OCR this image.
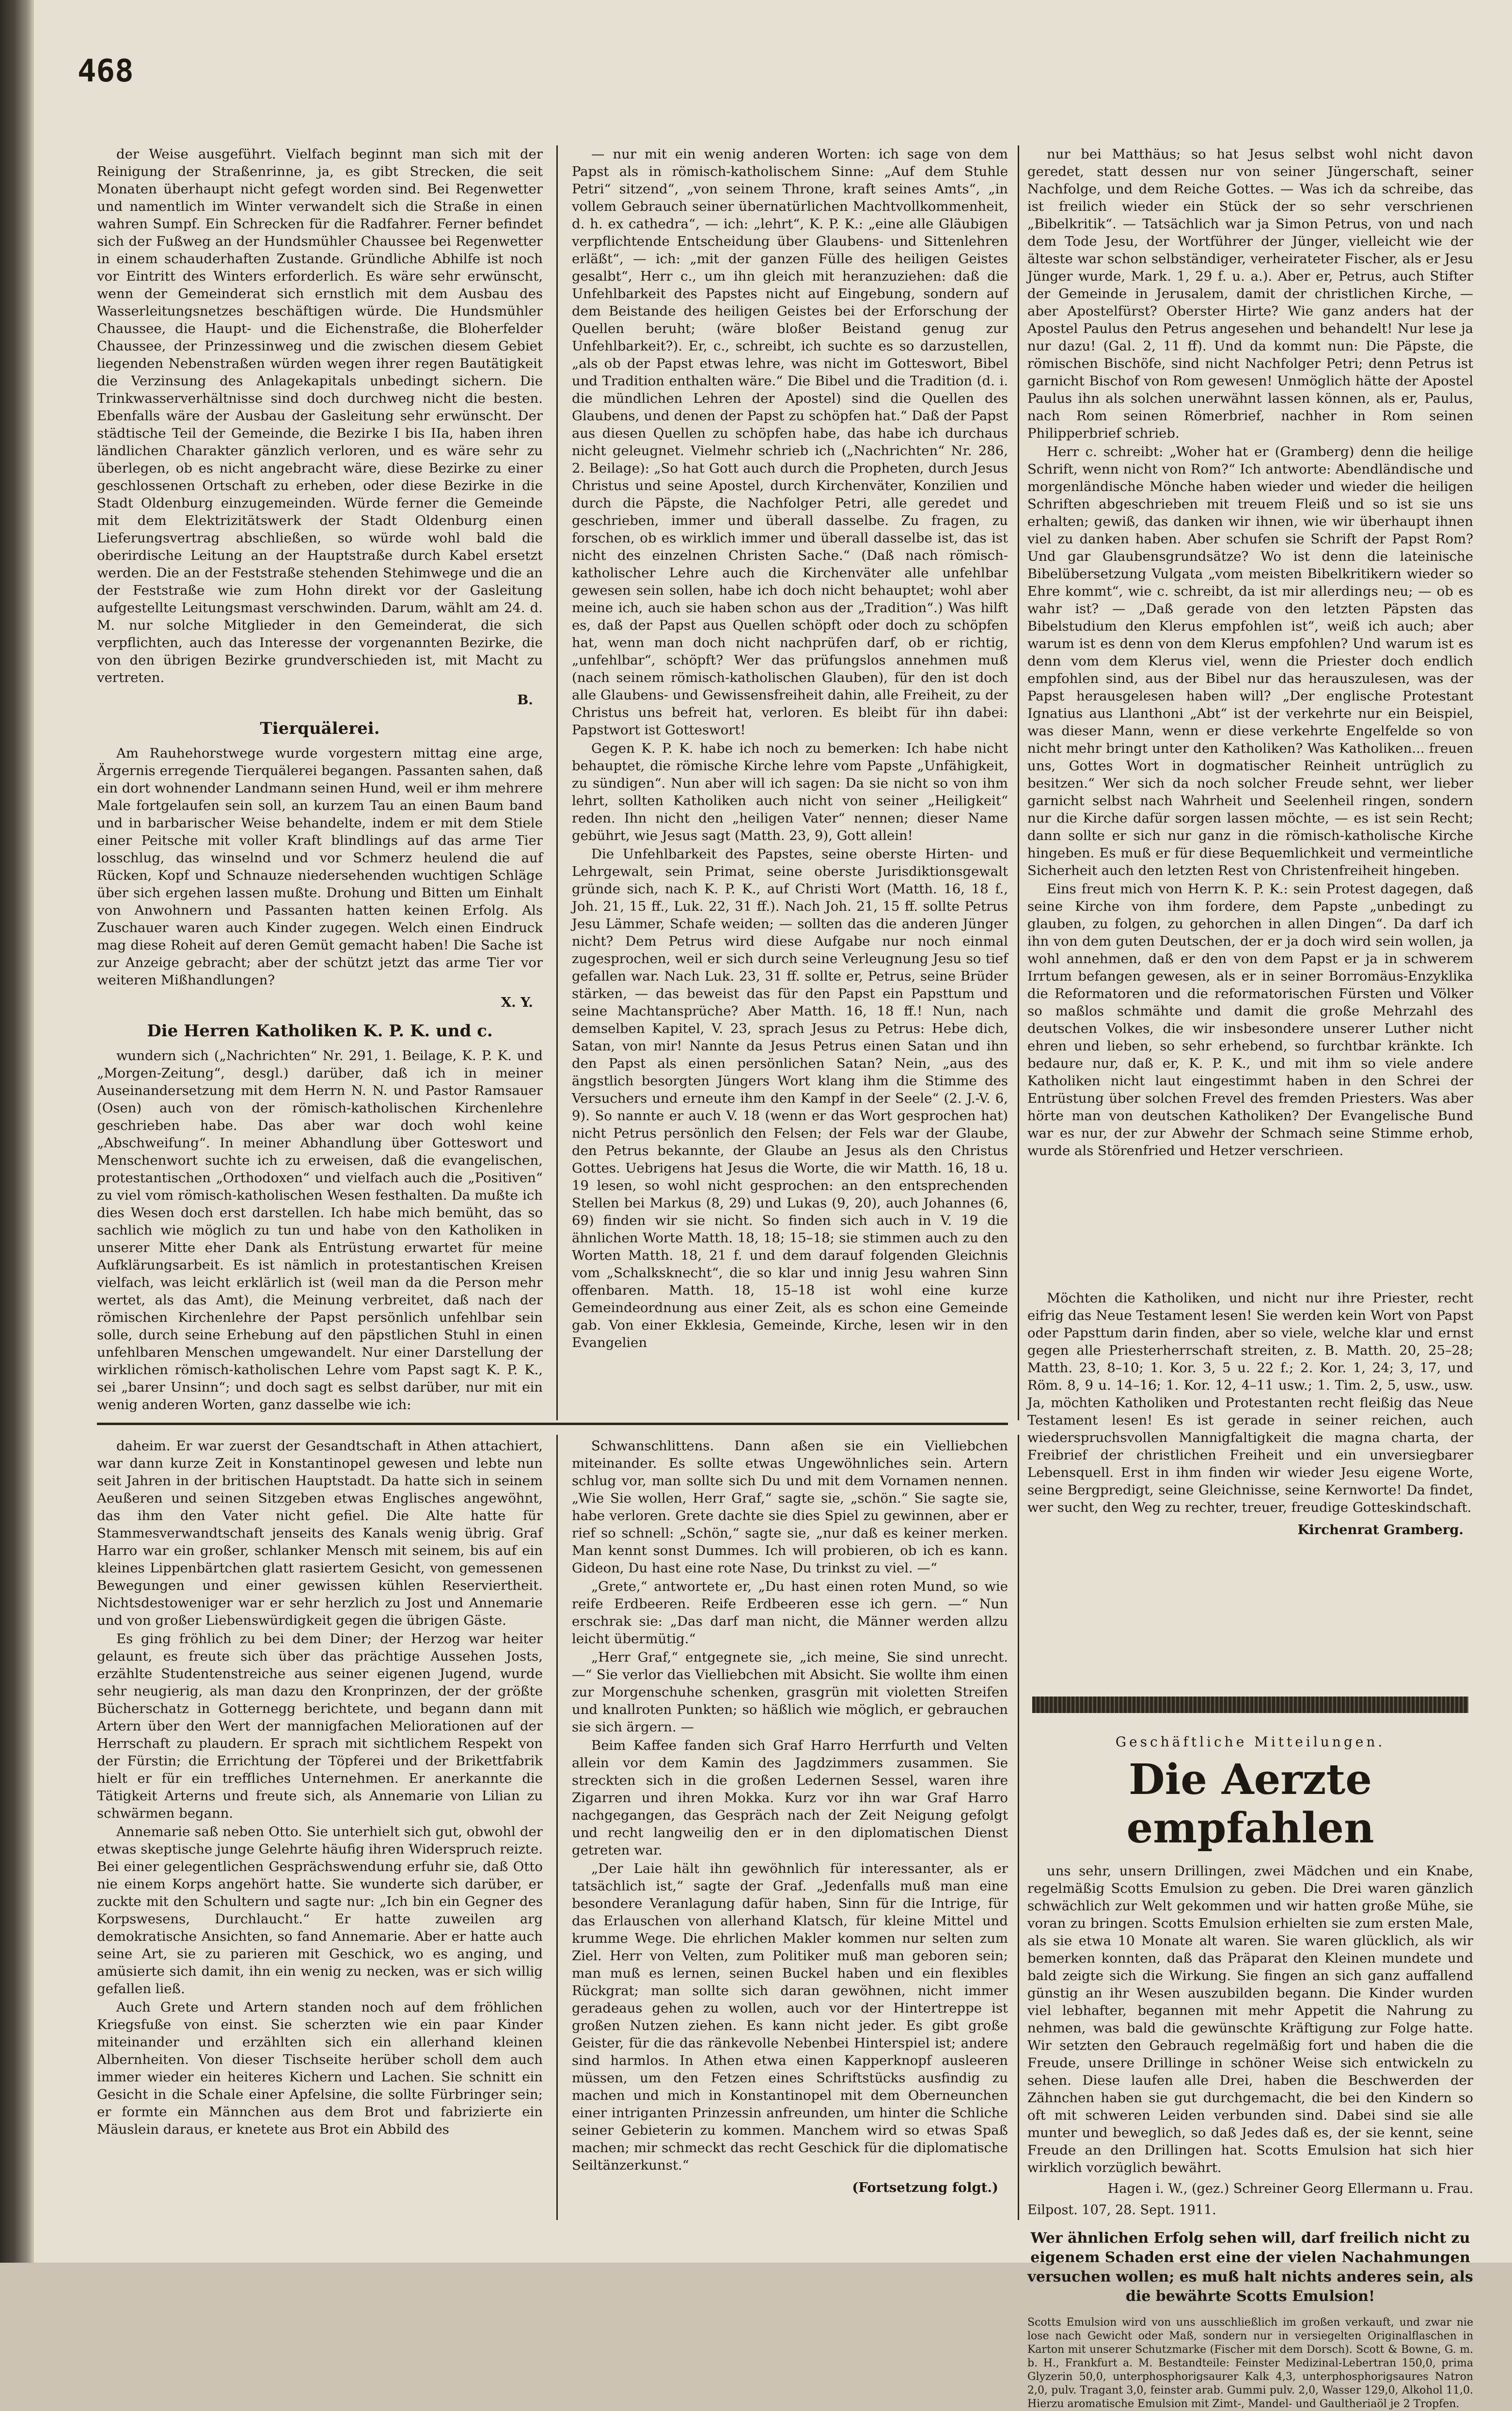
468

der Weise ausgeführt. Vielfach beginnt man sich mit der Reinigung der Straßenrinne, ja, es gibt Strecken, die seit Monaten überhaupt nicht gefegt worden sind. Bei Regenwetter und namentlich im Winter verwandelt sich die Straße in einen wahren Sumpf. Ein Schrecken für die Radfahrer. Ferner befindet sich der Fußweg an der Hundsmühler Chaussee bei Regenwetter in einem schauderhaften Zustande. Gründliche Abhilfe ist noch vor Eintritt des Winters erforderlich. Es wäre sehr erwünscht, wenn der Gemeinderat sich ernstlich mit dem Ausbau des Wasserleitungsnetzes beschäftigen würde. Die Hundsmühler Chaussee, die Haupt- und die Eichenstraße, die Bloherfelder Chaussee, der Prinzessinweg und die zwischen diesem Gebiet liegenden Nebenstraßen würden wegen ihrer regen Bautätigkeit die Verzinsung des Anlagekapitals unbedingt sichern. Die Trinkwasserverhältnisse sind doch durchweg nicht die besten. Ebenfalls wäre der Ausbau der Gasleitung sehr erwünscht. Der städtische Teil der Gemeinde, die Bezirke I bis IIa, haben ihren ländlichen Charakter gänzlich verloren, und es wäre sehr zu überlegen, ob es nicht angebracht wäre, diese Bezirke zu einer geschlossenen Ortschaft zu erheben, oder diese Bezirke in die Stadt Oldenburg einzugemeinden. Würde ferner die Gemeinde mit dem Elektrizitätswerk der Stadt Oldenburg einen Lieferungsvertrag abschließen, so würde wohl bald die oberirdische Leitung an der Hauptstraße durch Kabel ersetzt werden. Die an der Feststraße stehenden Stehimwege und die an der Feststraße wie zum Hohn direkt vor der Gasleitung aufgestellte Leitungsmast verschwinden. Darum, wählt am 24. d. M. nur solche Mitglieder in den Gemeinderat, die sich verpflichten, auch das Interesse der vorgenannten Bezirke, die von den übrigen Bezirke grundverschieden ist, mit Macht zu vertreten.

B.
Tierquälerei.

Am Rauhehorstwege wurde vorgestern mittag eine arge, Ärgernis erregende Tierquälerei begangen. Passanten sahen, daß ein dort wohnender Landmann seinen Hund, weil er ihm mehrere Male fortgelaufen sein soll, an kurzem Tau an einen Baum band und in barbarischer Weise behandelte, indem er mit dem Stiele einer Peitsche mit voller Kraft blindlings auf das arme Tier losschlug, das winselnd und vor Schmerz heulend die auf Rücken, Kopf und Schnauze niedersehenden wuchtigen Schläge über sich ergehen lassen mußte. Drohung und Bitten um Einhalt von Anwohnern und Passanten hatten keinen Erfolg. Als Zuschauer waren auch Kinder zugegen. Welch einen Eindruck mag diese Roheit auf deren Gemüt gemacht haben! Die Sache ist zur Anzeige gebracht; aber der schützt jetzt das arme Tier vor weiteren Mißhandlungen?

X. Y.
Die Herren Katholiken K. P. K. und c.

wundern sich („Nachrichten“ Nr. 291, 1. Beilage, K. P. K. und „Morgen-Zeitung“, desgl.) darüber, daß ich in meiner Auseinandersetzung mit dem Herrn N. N. und Pastor Ramsauer (Osen) auch von der römisch-katholischen Kirchenlehre geschrieben habe. Das aber war doch wohl keine „Abschweifung“. In meiner Abhandlung über Gotteswort und Menschenwort suchte ich zu erweisen, daß die evangelischen, protestantischen „Orthodoxen“ und vielfach auch die „Positiven“ zu viel vom römisch-katholischen Wesen festhalten. Da mußte ich dies Wesen doch erst darstellen. Ich habe mich bemüht, das so sachlich wie möglich zu tun und habe von den Katholiken in unserer Mitte eher Dank als Entrüstung erwartet für meine Aufklärungsarbeit. Es ist nämlich in protestantischen Kreisen vielfach, was leicht erklärlich ist (weil man da die Person mehr wertet, als das Amt), die Meinung verbreitet, daß nach der römischen Kirchenlehre der Papst persönlich unfehlbar sein solle, durch seine Erhebung auf den päpstlichen Stuhl in einen unfehlbaren Menschen umgewandelt. Nur einer Darstellung der wirklichen römisch-katholischen Lehre vom Papst sagt K. P. K., sei „barer Unsinn“; und doch sagt es selbst darüber, nur mit ein wenig anderen Worten, ganz dasselbe wie ich:

— nur mit ein wenig anderen Worten: ich sage von dem Papst als in römisch-katholischem Sinne: „Auf dem Stuhle Petri“ sitzend“, „von seinem Throne, kraft seines Amts“, „in vollem Gebrauch seiner übernatürlichen Machtvollkommenheit, d. h. ex cathedra“, — ich: „lehrt“, K. P. K.: „eine alle Gläubigen verpflichtende Entscheidung über Glaubens- und Sittenlehren erläßt“, — ich: „mit der ganzen Fülle des heiligen Geistes gesalbt“, Herr c., um ihn gleich mit heranzuziehen: daß die Unfehlbarkeit des Papstes nicht auf Eingebung, sondern auf dem Beistande des heiligen Geistes bei der Erforschung der Quellen beruht; (wäre bloßer Beistand genug zur Unfehlbarkeit?). Er, c., schreibt, ich suchte es so darzustellen, „als ob der Papst etwas lehre, was nicht im Gotteswort, Bibel und Tradition enthalten wäre.“ Die Bibel und die Tradition (d. i. die mündlichen Lehren der Apostel) sind die Quellen des Glaubens, und denen der Papst zu schöpfen hat.“ Daß der Papst aus diesen Quellen zu schöpfen habe, das habe ich durchaus nicht geleugnet. Vielmehr schrieb ich („Nachrichten“ Nr. 286, 2. Beilage): „So hat Gott auch durch die Propheten, durch Jesus Christus und seine Apostel, durch Kirchenväter, Konzilien und durch die Päpste, die Nachfolger Petri, alle geredet und geschrieben, immer und überall dasselbe. Zu fragen, zu forschen, ob es wirklich immer und überall dasselbe ist, das ist nicht des einzelnen Christen Sache.“ (Daß nach römisch-katholischer Lehre auch die Kirchenväter alle unfehlbar gewesen sein sollen, habe ich doch nicht behauptet; wohl aber meine ich, auch sie haben schon aus der „Tradition“.) Was hilft es, daß der Papst aus Quellen schöpft oder doch zu schöpfen hat, wenn man doch nicht nachprüfen darf, ob er richtig, „unfehlbar“, schöpft? Wer das prüfungslos annehmen muß (nach seinem römisch-katholischen Glauben), für den ist doch alle Glaubens- und Gewissensfreiheit dahin, alle Freiheit, zu der Christus uns befreit hat, verloren. Es bleibt für ihn dabei: Papstwort ist Gotteswort!

Gegen K. P. K. habe ich noch zu bemerken: Ich habe nicht behauptet, die römische Kirche lehre vom Papste „Unfähigkeit, zu sündigen“. Nun aber will ich sagen: Da sie nicht so von ihm lehrt, sollten Katholiken auch nicht von seiner „Heiligkeit“ reden. Ihn nicht den „heiligen Vater“ nennen; dieser Name gebührt, wie Jesus sagt (Matth. 23, 9), Gott allein!

Die Unfehlbarkeit des Papstes, seine oberste Hirten- und Lehrgewalt, sein Primat, seine oberste Jurisdiktionsgewalt gründe sich, nach K. P. K., auf Christi Wort (Matth. 16, 18 f., Joh. 21, 15 ff., Luk. 22, 31 ff.). Nach Joh. 21, 15 ff. sollte Petrus Jesu Lämmer, Schafe weiden; — sollten das die anderen Jünger nicht? Dem Petrus wird diese Aufgabe nur noch einmal zugesprochen, weil er sich durch seine Verleugnung Jesu so tief gefallen war. Nach Luk. 23, 31 ff. sollte er, Petrus, seine Brüder stärken, — das beweist das für den Papst ein Papsttum und seine Machtansprüche? Aber Matth. 16, 18 ff.! Nun, nach demselben Kapitel, V. 23, sprach Jesus zu Petrus: Hebe dich, Satan, von mir! Nannte da Jesus Petrus einen Satan und ihn den Papst als einen persönlichen Satan? Nein, „aus des ängstlich besorgten Jüngers Wort klang ihm die Stimme des Versuchers und erneute ihm den Kampf in der Seele“ (2. J.-V. 6, 9). So nannte er auch V. 18 (wenn er das Wort gesprochen hat) nicht Petrus persönlich den Felsen; der Fels war der Glaube, den Petrus bekannte, der Glaube an Jesus als den Christus Gottes. Uebrigens hat Jesus die Worte, die wir Matth. 16, 18 u. 19 lesen, so wohl nicht gesprochen: an den entsprechenden Stellen bei Markus (8, 29) und Lukas (9, 20), auch Johannes (6, 69) finden wir sie nicht. So finden sich auch in V. 19 die ähnlichen Worte Matth. 18, 18; 15–18; sie stimmen auch zu den Worten Matth. 18, 21 f. und dem darauf folgenden Gleichnis vom „Schalksknecht“, die so klar und innig Jesu wahren Sinn offenbaren. Matth. 18, 15–18 ist wohl eine kurze Gemeindeordnung aus einer Zeit, als es schon eine Gemeinde gab. Von einer Ekklesia, Gemeinde, Kirche, lesen wir in den Evangelien

nur bei Matthäus; so hat Jesus selbst wohl nicht davon geredet, statt dessen nur von seiner Jüngerschaft, seiner Nachfolge, und dem Reiche Gottes. — Was ich da schreibe, das ist freilich wieder ein Stück der so sehr verschrienen „Bibelkritik“. — Tatsächlich war ja Simon Petrus, von und nach dem Tode Jesu, der Wortführer der Jünger, vielleicht wie der älteste war schon selbständiger, verheirateter Fischer, als er Jesu Jünger wurde, Mark. 1, 29 f. u. a.). Aber er, Petrus, auch Stifter der Gemeinde in Jerusalem, damit der christlichen Kirche, — aber Apostelfürst? Oberster Hirte? Wie ganz anders hat der Apostel Paulus den Petrus angesehen und behandelt! Nur lese ja nur dazu! (Gal. 2, 11 ff). Und da kommt nun: Die Päpste, die römischen Bischöfe, sind nicht Nachfolger Petri; denn Petrus ist garnicht Bischof von Rom gewesen! Unmöglich hätte der Apostel Paulus ihn als solchen unerwähnt lassen können, als er, Paulus, nach Rom seinen Römerbrief, nachher in Rom seinen Philipperbrief schrieb.

Herr c. schreibt: „Woher hat er (Gramberg) denn die heilige Schrift, wenn nicht von Rom?“ Ich antworte: Abendländische und morgenländische Mönche haben wieder und wieder die heiligen Schriften abgeschrieben mit treuem Fleiß und so ist sie uns erhalten; gewiß, das danken wir ihnen, wie wir überhaupt ihnen viel zu danken haben. Aber schufen sie Schrift der Papst Rom? Und gar Glaubensgrundsätze? Wo ist denn die lateinische Bibelübersetzung Vulgata „vom meisten Bibelkritikern wieder so Ehre kommt“, wie c. schreibt, da ist mir allerdings neu; — ob es wahr ist? — „Daß gerade von den letzten Päpsten das Bibelstudium den Klerus empfohlen ist“, weiß ich auch; aber warum ist es denn von dem Klerus empfohlen? Und warum ist es denn vom dem Klerus viel, wenn die Priester doch endlich empfohlen sind, aus der Bibel nur das herauszulesen, was der Papst herausgelesen haben will? „Der englische Protestant Ignatius aus Llanthoni „Abt“ ist der verkehrte nur ein Beispiel, was dieser Mann, wenn er diese verkehrte Engelfelde so von nicht mehr bringt unter den Katholiken? Was Katholiken... freuen uns, Gottes Wort in dogmatischer Reinheit untrüglich zu besitzen.“ Wer sich da noch solcher Freude sehnt, wer lieber garnicht selbst nach Wahrheit und Seelenheil ringen, sondern nur die Kirche dafür sorgen lassen möchte, — es ist sein Recht; dann sollte er sich nur ganz in die römisch-katholische Kirche hingeben. Es muß er für diese Bequemlichkeit und vermeintliche Sicherheit auch den letzten Rest von Christenfreiheit hingeben.

Eins freut mich von Herrn K. P. K.: sein Protest dagegen, daß seine Kirche von ihm fordere, dem Papste „unbedingt zu glauben, zu folgen, zu gehorchen in allen Dingen“. Da darf ich ihn von dem guten Deutschen, der er ja doch wird sein wollen, ja wohl annehmen, daß er den von dem Papst er ja in schwerem Irrtum befangen gewesen, als er in seiner Borromäus-Enzyklika die Reformatoren und die reformatorischen Fürsten und Völker so maßlos schmähte und damit die große Mehrzahl des deutschen Volkes, die wir insbesondere unserer Luther nicht ehren und lieben, so sehr erhebend, so furchtbar kränkte. Ich bedaure nur, daß er, K. P. K., und mit ihm so viele andere Katholiken nicht laut eingestimmt haben in den Schrei der Entrüstung über solchen Frevel des fremden Priesters. Was aber hörte man von deutschen Katholiken? Der Evangelische Bund war es nur, der zur Abwehr der Schmach seine Stimme erhob, wurde als Störenfried und Hetzer verschrieen.

Möchten die Katholiken, und nicht nur ihre Priester, recht eifrig das Neue Testament lesen! Sie werden kein Wort von Papst oder Papsttum darin finden, aber so viele, welche klar und ernst gegen alle Priesterherrschaft streiten, z. B. Matth. 20, 25–28; Matth. 23, 8–10; 1. Kor. 3, 5 u. 22 f.; 2. Kor. 1, 24; 3, 17, und Röm. 8, 9 u. 14–16; 1. Kor. 12, 4–11 usw.; 1. Tim. 2, 5, usw., usw. Ja, möchten Katholiken und Protestanten recht fleißig das Neue Testament lesen! Es ist gerade in seiner reichen, auch wiederspruchsvollen Mannigfaltigkeit die magna charta, der Freibrief der christlichen Freiheit und ein unversiegbarer Lebensquell. Erst in ihm finden wir wieder Jesu eigene Worte, seine Bergpredigt, seine Gleichnisse, seine Kernworte! Da findet, wer sucht, den Weg zu rechter, treuer, freudige Gotteskindschaft.

Kirchenrat Gramberg.

daheim. Er war zuerst der Gesandtschaft in Athen attachiert, war dann kurze Zeit in Konstantinopel gewesen und lebte nun seit Jahren in der britischen Hauptstadt. Da hatte sich in seinem Aeußeren und seinen Sitzgeben etwas Englisches angewöhnt, das ihm den Vater nicht gefiel. Die Alte hatte für Stammesverwandtschaft jenseits des Kanals wenig übrig. Graf Harro war ein großer, schlanker Mensch mit seinem, bis auf ein kleines Lippenbärtchen glatt rasiertem Gesicht, von gemessenen Bewegungen und einer gewissen kühlen Reserviertheit. Nichtsdestoweniger war er sehr herzlich zu Jost und Annemarie und von großer Liebenswürdigkeit gegen die übrigen Gäste.

Es ging fröhlich zu bei dem Diner; der Herzog war heiter gelaunt, es freute sich über das prächtige Aussehen Josts, erzählte Studentenstreiche aus seiner eigenen Jugend, wurde sehr neugierig, als man dazu den Kronprinzen, der der größte Bücherschatz in Gotternegg berichtete, und begann dann mit Artern über den Wert der mannigfachen Meliorationen auf der Herrschaft zu plaudern. Er sprach mit sichtlichem Respekt von der Fürstin; die Errichtung der Töpferei und der Brikettfabrik hielt er für ein treffliches Unternehmen. Er anerkannte die Tätigkeit Arterns und freute sich, als Annemarie von Lilian zu schwärmen begann.

Annemarie saß neben Otto. Sie unterhielt sich gut, obwohl der etwas skeptische junge Gelehrte häufig ihren Widerspruch reizte. Bei einer gelegentlichen Gesprächswendung erfuhr sie, daß Otto nie einem Korps angehört hatte. Sie wunderte sich darüber, er zuckte mit den Schultern und sagte nur: „Ich bin ein Gegner des Korpswesens, Durchlaucht.“ Er hatte zuweilen arg demokratische Ansichten, so fand Annemarie. Aber er hatte auch seine Art, sie zu parieren mit Geschick, wo es anging, und amüsierte sich damit, ihn ein wenig zu necken, was er sich willig gefallen ließ.

Auch Grete und Artern standen noch auf dem fröhlichen Kriegsfuße von einst. Sie scherzten wie ein paar Kinder miteinander und erzählten sich ein allerhand kleinen Albernheiten. Von dieser Tischseite herüber scholl dem auch immer wieder ein heiteres Kichern und Lachen. Sie schnitt ein Gesicht in die Schale einer Apfelsine, die sollte Fürbringer sein; er formte ein Männchen aus dem Brot und fabrizierte ein Mäuslein daraus, er knetete aus Brot ein Abbild des

Schwanschlittens. Dann aßen sie ein Vielliebchen miteinander. Es sollte etwas Ungewöhnliches sein. Artern schlug vor, man sollte sich Du und mit dem Vornamen nennen. „Wie Sie wollen, Herr Graf,“ sagte sie, „schön.“ Sie sagte sie, habe verloren. Grete dachte sie dies Spiel zu gewinnen, aber er rief so schnell: „Schön,“ sagte sie, „nur daß es keiner merken. Man kennt sonst Dummes. Ich will probieren, ob ich es kann. Gideon, Du hast eine rote Nase, Du trinkst zu viel. —“

„Grete,“ antwortete er, „Du hast einen roten Mund, so wie reife Erdbeeren. Reife Erdbeeren esse ich gern. —“ Nun erschrak sie: „Das darf man nicht, die Männer werden allzu leicht übermütig.“

„Herr Graf,“ entgegnete sie, „ich meine, Sie sind unrecht. —“ Sie verlor das Vielliebchen mit Absicht. Sie wollte ihm einen zur Morgenschuhe schenken, grasgrün mit violetten Streifen und knallroten Punkten; so häßlich wie möglich, er gebrauchen sie sich ärgern. —

Beim Kaffee fanden sich Graf Harro Herrfurth und Velten allein vor dem Kamin des Jagdzimmers zusammen. Sie streckten sich in die großen Ledernen Sessel, waren ihre Zigarren und ihren Mokka. Kurz vor ihn war Graf Harro nachgegangen, das Gespräch nach der Zeit Neigung gefolgt und recht langweilig den er in den diplomatischen Dienst getreten war.

„Der Laie hält ihn gewöhnlich für interessanter, als er tatsächlich ist,“ sagte der Graf. „Jedenfalls muß man eine besondere Veranlagung dafür haben, Sinn für die Intrige, für das Erlauschen von allerhand Klatsch, für kleine Mittel und krumme Wege. Die ehrlichen Makler kommen nur selten zum Ziel. Herr von Velten, zum Politiker muß man geboren sein; man muß es lernen, seinen Buckel haben und ein flexibles Rückgrat; man sollte sich daran gewöhnen, nicht immer geradeaus gehen zu wollen, auch vor der Hintertreppe ist großen Nutzen ziehen. Es kann nicht jeder. Es gibt große Geister, für die das ränkevolle Nebenbei Hinterspiel ist; andere sind harmlos. In Athen etwa einen Kapperknopf ausleeren müssen, um den Fetzen eines Schriftstücks ausfindig zu machen und mich in Konstantinopel mit dem Oberneunchen einer intriganten Prinzessin anfreunden, um hinter die Schliche seiner Gebieterin zu kommen. Manchem wird so etwas Spaß machen; mir schmeckt das recht Geschick für die diplomatische Seiltänzerkunst.“

(Fortsetzung folgt.)
Geschäftliche Mitteilungen.
Die Aerzte empfahlen

uns sehr, unsern Drillingen, zwei Mädchen und ein Knabe, regelmäßig Scotts Emulsion zu geben. Die Drei waren gänzlich schwächlich zur Welt gekommen und wir hatten große Mühe, sie voran zu bringen. Scotts Emulsion erhielten sie zum ersten Male, als sie etwa 10 Monate alt waren. Sie waren glücklich, als wir bemerken konnten, daß das Präparat den Kleinen mundete und bald zeigte sich die Wirkung. Sie fingen an sich ganz auffallend günstig an ihr Wesen auszubilden begann. Die Kinder wurden viel lebhafter, begannen mit mehr Appetit die Nahrung zu nehmen, was bald die gewünschte Kräftigung zur Folge hatte. Wir setzten den Gebrauch regelmäßig fort und haben die die Freude, unsere Drillinge in schöner Weise sich entwickeln zu sehen. Diese laufen alle Drei, haben die Beschwerden der Zähnchen haben sie gut durchgemacht, die bei den Kindern so oft mit schweren Leiden verbunden sind. Dabei sind sie alle munter und beweglich, so daß Jedes daß es, der sie kennt, seine Freude an den Drillingen hat. Scotts Emulsion hat sich hier wirklich vorzüglich bewährt.

Hagen i. W., (gez.) Schreiner Georg Ellermann u. Frau.
Eilpost. 107, 28. Sept. 1911.
Wer ähnlichen Erfolg sehen will, darf freilich nicht zu eigenem Schaden erst eine der vielen Nachahmungen versuchen wollen; es muß halt nichts anderes sein, als die bewährte Scotts Emulsion!
Scotts Emulsion wird von uns ausschließlich im großen verkauft, und zwar nie lose nach Gewicht oder Maß, sondern nur in versiegelten Originalflaschen in Karton mit unserer Schutzmarke (Fischer mit dem Dorsch). Scott & Bowne, G. m. b. H., Frankfurt a. M. Bestandteile: Feinster Medizinal-Lebertran 150,0, prima Glyzerin 50,0, unterphosphorigsaurer Kalk 4,3, unterphosphorigsaures Natron 2,0, pulv. Tragant 3,0, feinster arab. Gummi pulv. 2,0, Wasser 129,0, Alkohol 11,0. Hierzu aromatische Emulsion mit Zimt-, Mandel- und Gaultheriaöl je 2 Tropfen.
